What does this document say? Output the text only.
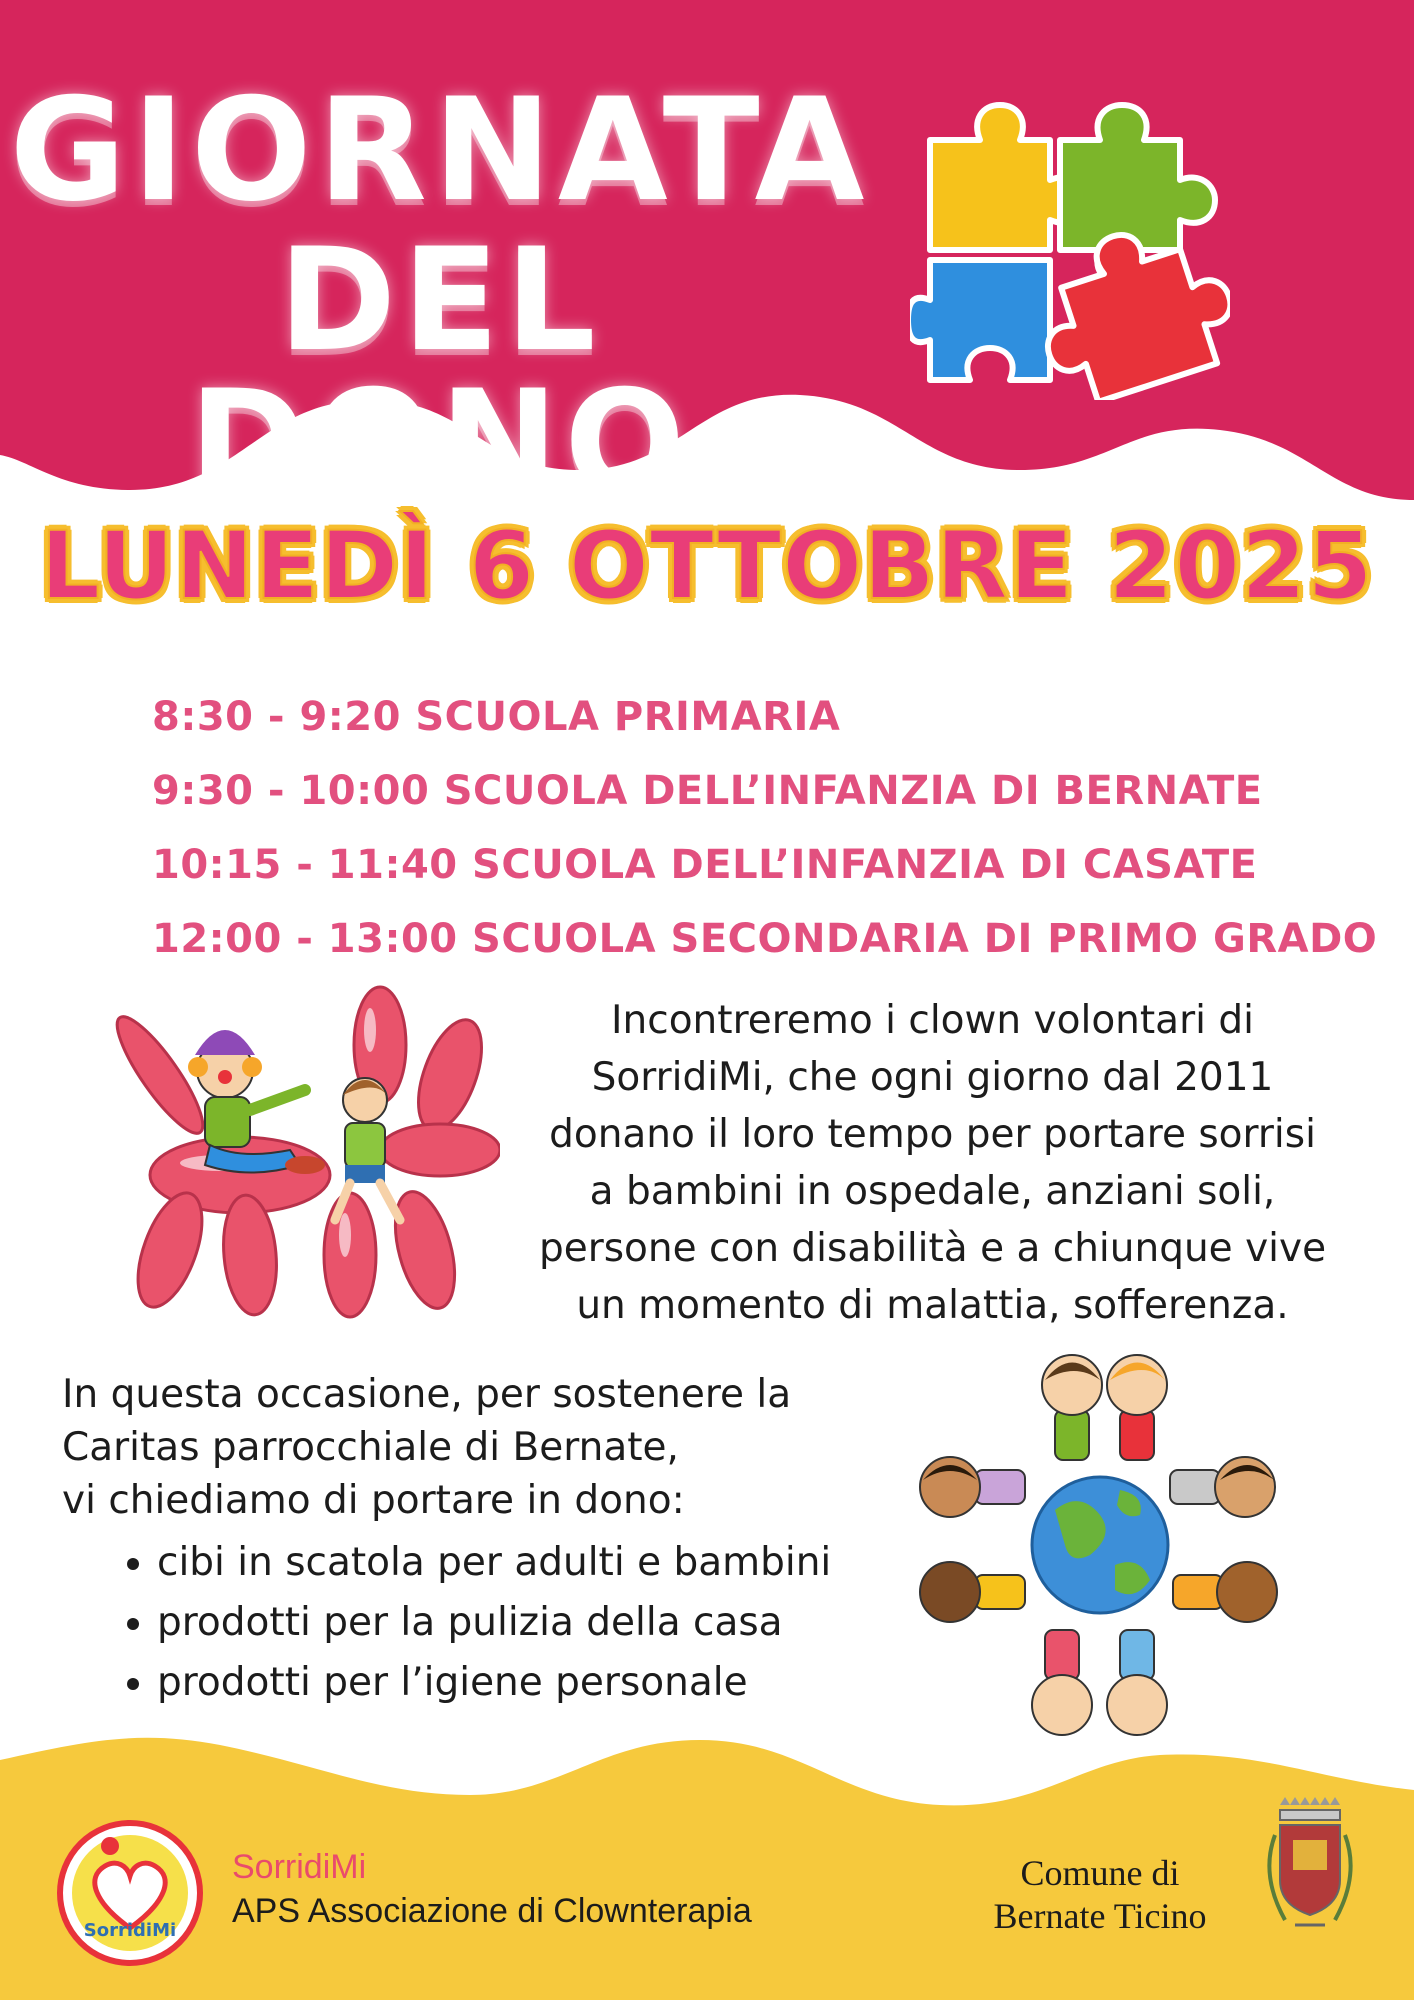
GIORNATA
DEL DONO
LUNEDÌ 6 OTTOBRE 2025
8:30 - 9:20 SCUOLA PRIMARIA
9:30 - 10:00 SCUOLA DELL’INFANZIA DI BERNATE
10:15 - 11:40 SCUOLA DELL’INFANZIA DI CASATE
12:00 - 13:00 SCUOLA SECONDARIA DI PRIMO GRADO
Incontreremo i clown volontari di
SorridiMi, che ogni giorno dal 2011
donano il loro tempo per portare sorrisi
a bambini in ospedale, anziani soli,
persone con disabilità e a chiunque vive
un momento di malattia, sofferenza.

In questa occasione, per sostenere la

Caritas parrocchiale di Bernate,

vi chiediamo di portare in dono:

• cibi in scatola per adulti e bambini
• prodotti per la pulizia della casa
• prodotti per l’igiene personale
SorridiMi
SorridiMi
APS Associazione di Clownterapia
Comune di
Bernate Ticino
